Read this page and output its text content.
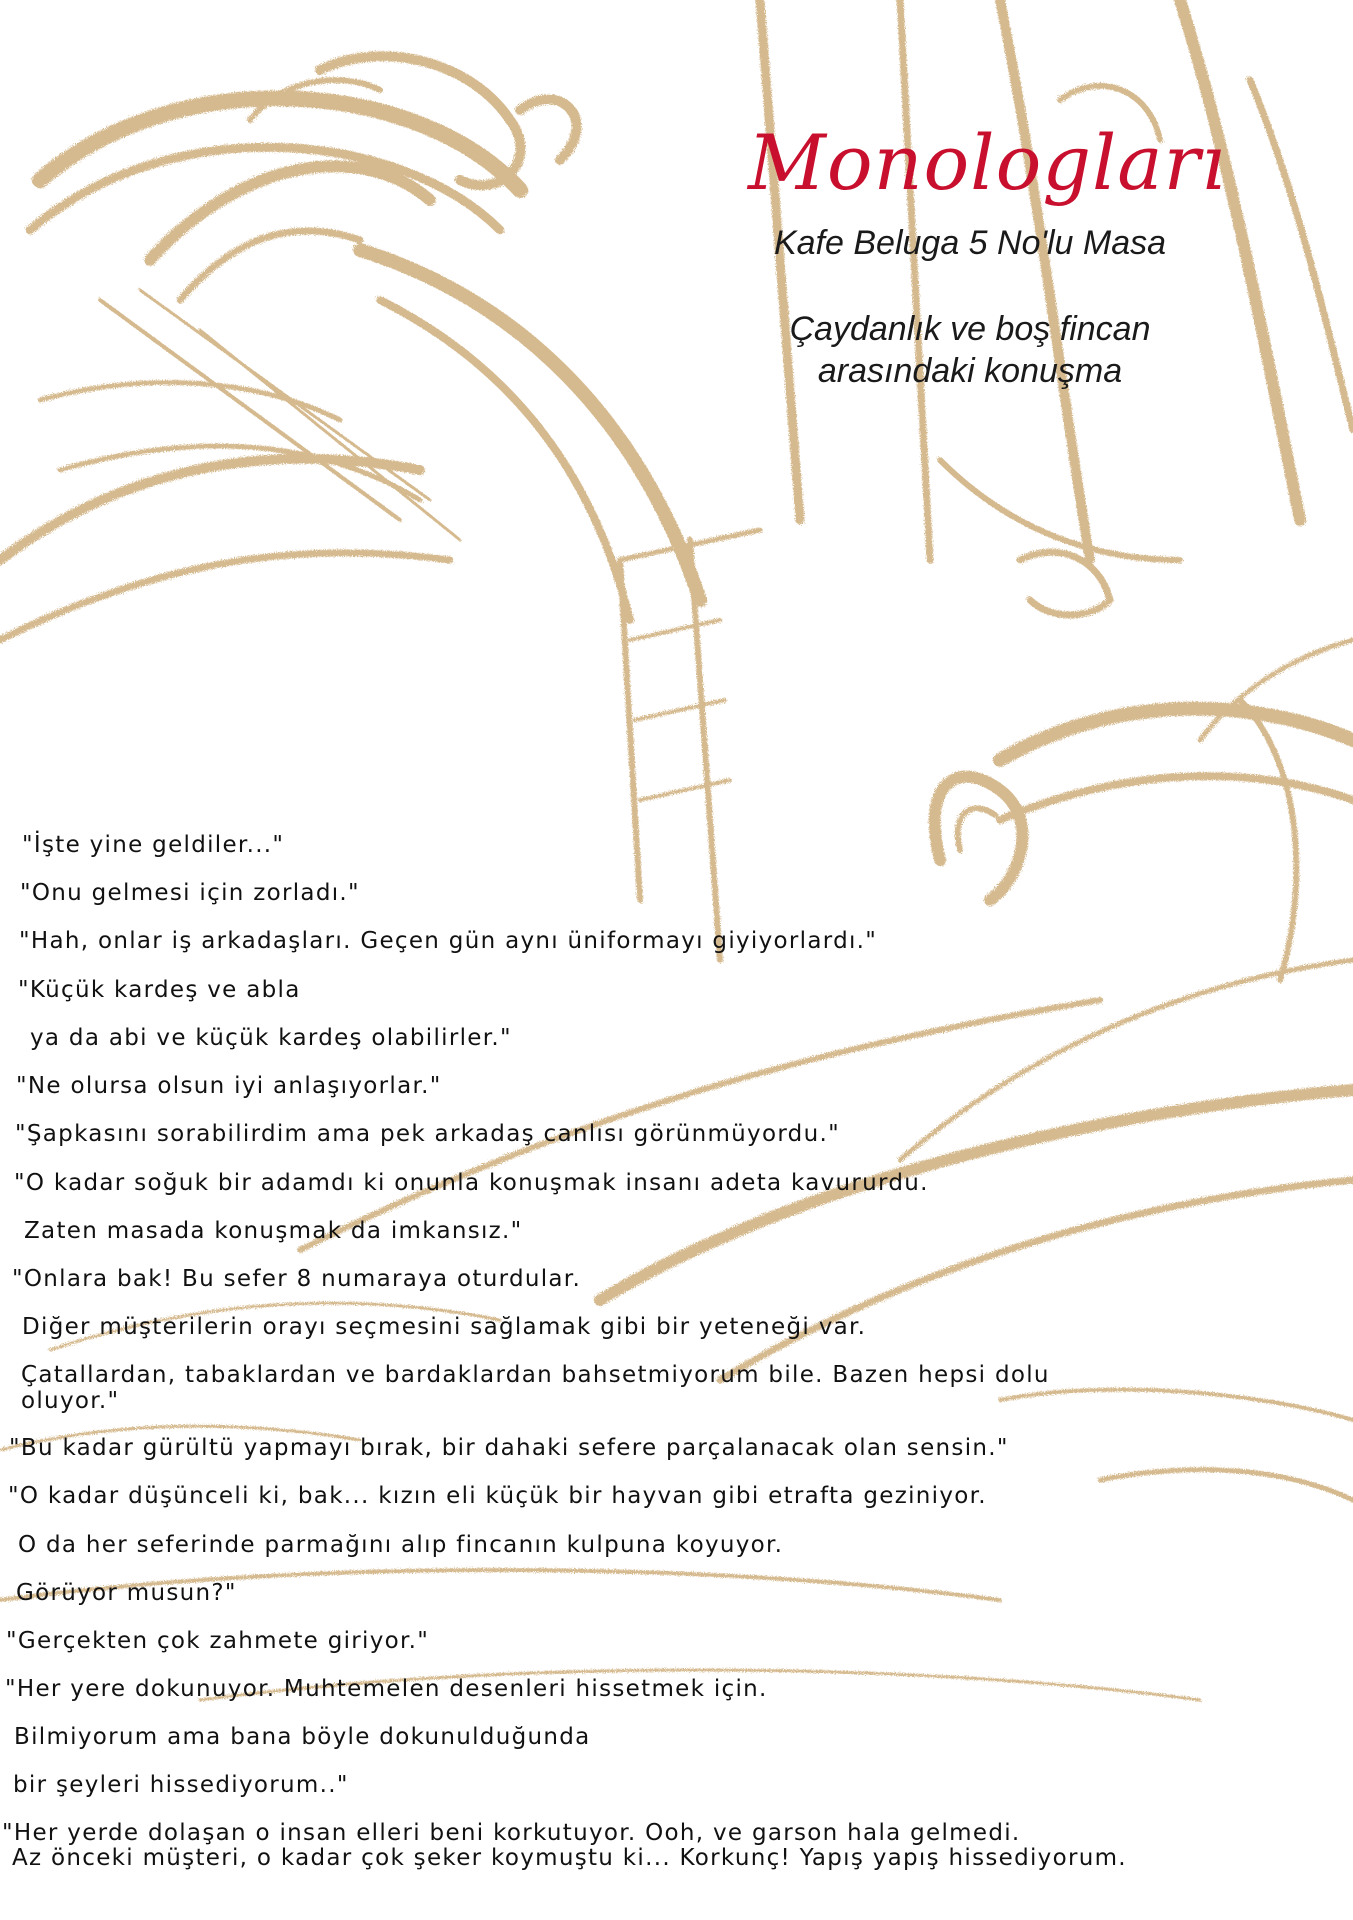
Monologları

Kafe Beluga 5 No'lu Masa

Çaydanlık ve boş fincan

arasındaki konuşma

"İşte yine geldiler..."

"Onu gelmesi için zorladı."

"Hah, onlar iş arkadaşları. Geçen gün aynı üniformayı giyiyorlardı."

"Küçük kardeş ve abla

ya da abi ve küçük kardeş olabilirler."

"Ne olursa olsun iyi anlaşıyorlar."

"Şapkasını sorabilirdim ama pek arkadaş canlısı görünmüyordu."

"O kadar soğuk bir adamdı ki onunla konuşmak insanı adeta kavururdu.

Zaten masada konuşmak da imkansız."

"Onlara bak! Bu sefer 8 numaraya oturdular.

Diğer müşterilerin orayı seçmesini sağlamak gibi bir yeteneği var.

Çatallardan, tabaklardan ve bardaklardan bahsetmiyorum bile. Bazen hepsi dolu

oluyor."

"Bu kadar gürültü yapmayı bırak, bir dahaki sefere parçalanacak olan sensin."

"O kadar düşünceli ki, bak... kızın eli küçük bir hayvan gibi etrafta geziniyor.

O da her seferinde parmağını alıp fincanın kulpuna koyuyor.

Görüyor musun?"

"Gerçekten çok zahmete giriyor."

"Her yere dokunuyor. Muhtemelen desenleri hissetmek için.

Bilmiyorum ama bana böyle dokunulduğunda

bir şeyleri hissediyorum.."

"Her yerde dolaşan o insan elleri beni korkutuyor. Ooh, ve garson hala gelmedi.

Az önceki müşteri, o kadar çok şeker koymuştu ki... Korkunç! Yapış yapış hissediyorum.
